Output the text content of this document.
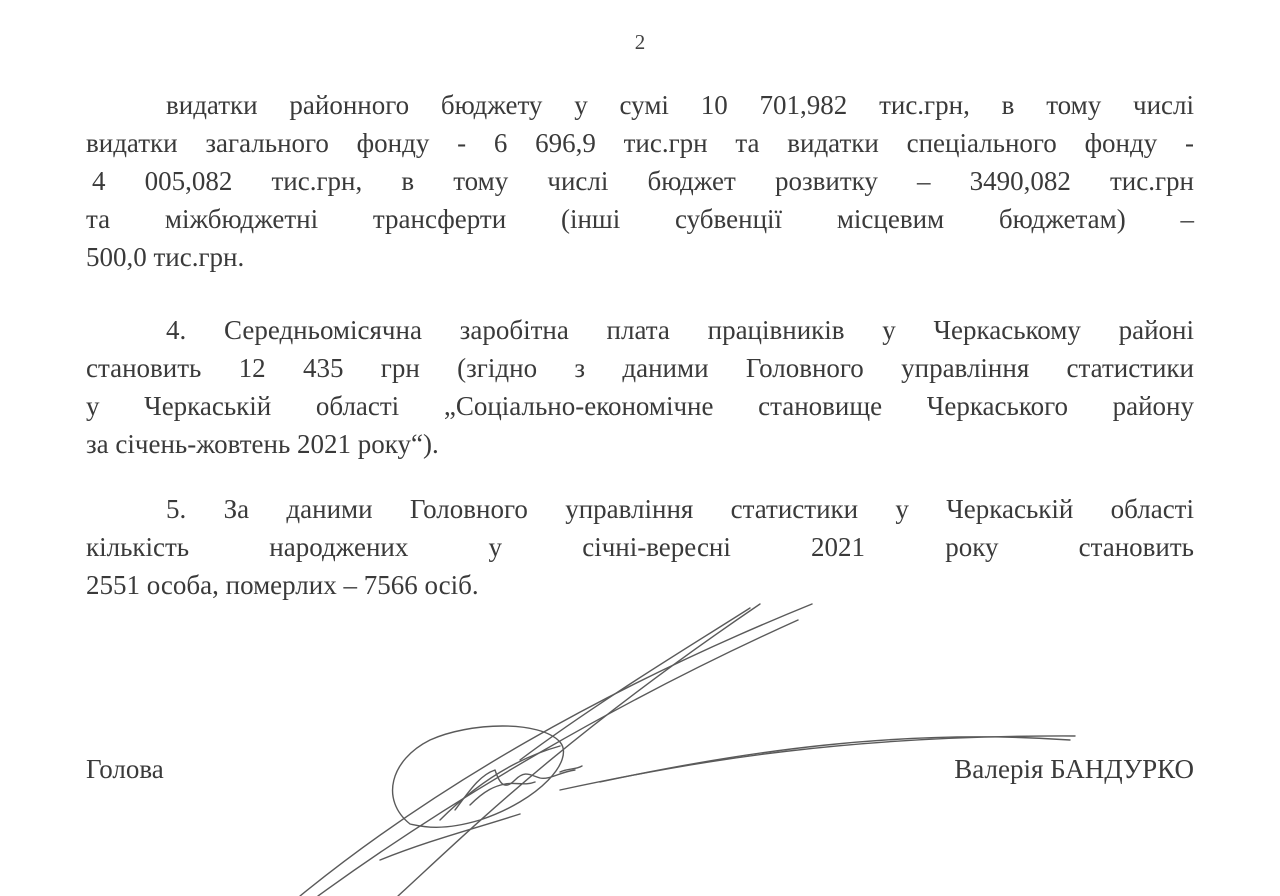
2
видатки районного бюджету у сумі 10 701,982 тис.грн, в тому числі
видатки загального фонду - 6 696,9 тис.грн та видатки спеціального фонду -
4 005,082 тис.грн, в тому числі бюджет розвитку – 3490,082 тис.грн
та міжбюджетні трансферти (інші субвенції місцевим бюджетам) –
500,0 тис.грн.
4. Середньомісячна заробітна плата працівників у Черкаському районі
становить 12 435 грн (згідно з даними Головного управління статистики
у Черкаській області „Соціально-економічне становище Черкаського району
за січень-жовтень 2021 року“).
5. За даними Головного управління статистики у Черкаській області
кількість народжених у січні-вересні 2021 року становить
2551 особа, померлих – 7566 осіб.
Голова	Валерія БАНДУРКО
